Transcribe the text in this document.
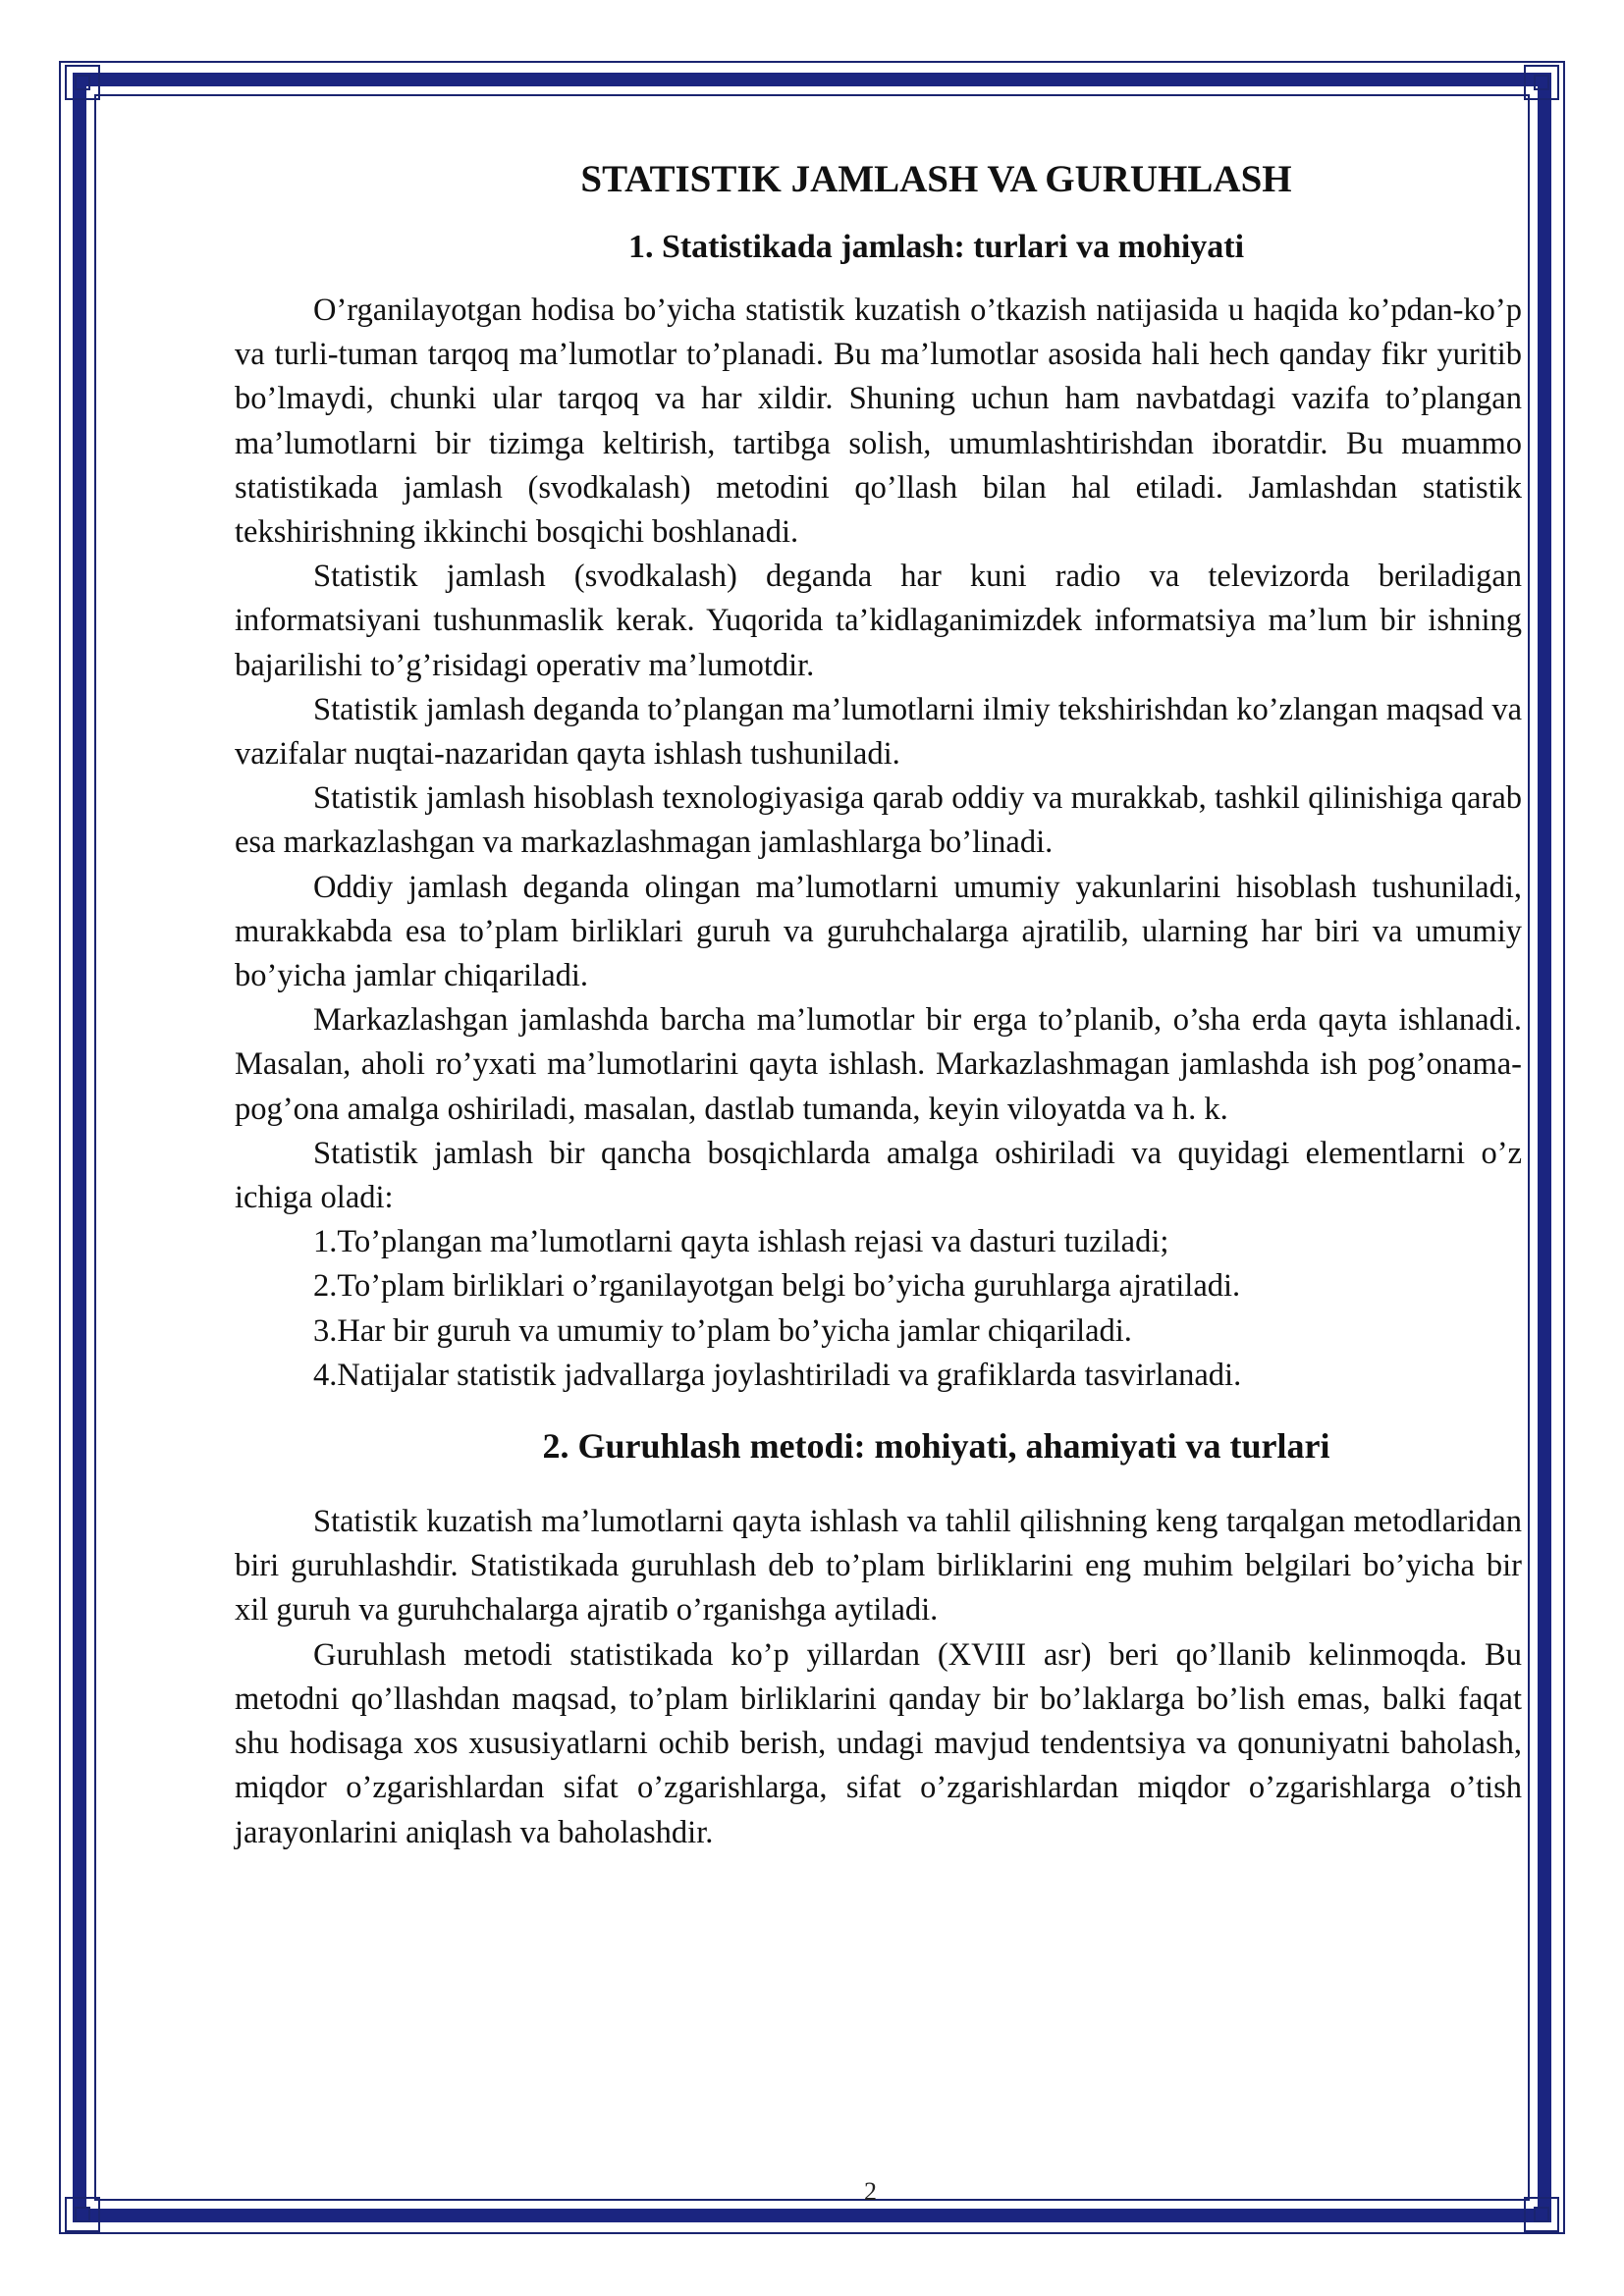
STATISTIK JAMLASH VA GURUHLASH
1. Statistikada jamlash: turlari va mohiyati

O’rganilayotgan hodisa bo’yicha statistik kuzatish o’tkazish natijasida u haqida ko’pdan-ko’p va turli-tuman tarqoq ma’lumotlar to’planadi. Bu ma’lumotlar asosida hali hech qanday fikr yuritib bo’lmaydi, chunki ular tarqoq va har xildir. Shuning uchun ham navbatdagi vazifa to’plangan ma’lumotlarni bir tizimga keltirish, tartibga solish, umumlashtirishdan iboratdir. Bu muammo statistikada jamlash (svodkalash) metodini qo’llash bilan hal etiladi. Jamlashdan statistik tekshirishning ikkinchi bosqichi boshlanadi.

Statistik jamlash (svodkalash) deganda har kuni radio va televizorda beriladigan informatsiyani tushunmaslik kerak. Yuqorida ta’kidlaganimizdek informatsiya ma’lum bir ishning bajarilishi to’g’risidagi operativ ma’lumotdir.

Statistik jamlash deganda to’plangan ma’lumotlarni ilmiy tekshirishdan ko’zlangan maqsad va vazifalar nuqtai-nazaridan qayta ishlash tushuniladi.

Statistik jamlash hisoblash texnologiyasiga qarab oddiy va murakkab, tashkil qilinishiga qarab esa markazlashgan va markazlashmagan jamlashlarga bo’linadi.

Oddiy jamlash deganda olingan ma’lumotlarni umumiy yakunlarini hisoblash tushuniladi, murakkabda esa to’plam birliklari guruh va guruhchalarga ajratilib, ularning har biri va umumiy bo’yicha jamlar chiqariladi.

Markazlashgan jamlashda barcha ma’lumotlar bir erga to’planib, o’sha erda qayta ishlanadi. Masalan, aholi ro’yxati ma’lumotlarini qayta ishlash. Markazlashmagan jamlashda ish pog’onama-pog’ona amalga oshiriladi, masalan, dastlab tumanda, keyin viloyatda va h. k.

Statistik jamlash bir qancha bosqichlarda amalga oshiriladi va quyidagi elementlarni o’z ichiga oladi:

1.To’plangan ma’lumotlarni qayta ishlash rejasi va dasturi tuziladi;

2.To’plam birliklari o’rganilayotgan belgi bo’yicha guruhlarga ajratiladi.

3.Har bir guruh va umumiy to’plam bo’yicha jamlar chiqariladi.

4.Natijalar statistik jadvallarga joylashtiriladi va grafiklarda tasvirlanadi.

2. Guruhlash metodi: mohiyati, ahamiyati va turlari

Statistik kuzatish ma’lumotlarni qayta ishlash va tahlil qilishning keng tarqalgan metodlaridan biri guruhlashdir. Statistikada guruhlash deb to’plam birliklarini eng muhim belgilari bo’yicha bir xil guruh va guruhchalarga ajratib o’rganishga aytiladi.

Guruhlash metodi statistikada ko’p yillardan (XVIII asr) beri qo’llanib kelinmoqda. Bu metodni qo’llashdan maqsad, to’plam birliklarini qanday bir bo’laklarga bo’lish emas, balki faqat shu hodisaga xos xususiyatlarni ochib berish, undagi mavjud tendentsiya va qonuniyatni baholash, miqdor o’zgarishlardan sifat o’zgarishlarga, sifat o’zgarishlardan miqdor o’zgarishlarga o’tish jarayonlarini aniqlash va baholashdir.

2
